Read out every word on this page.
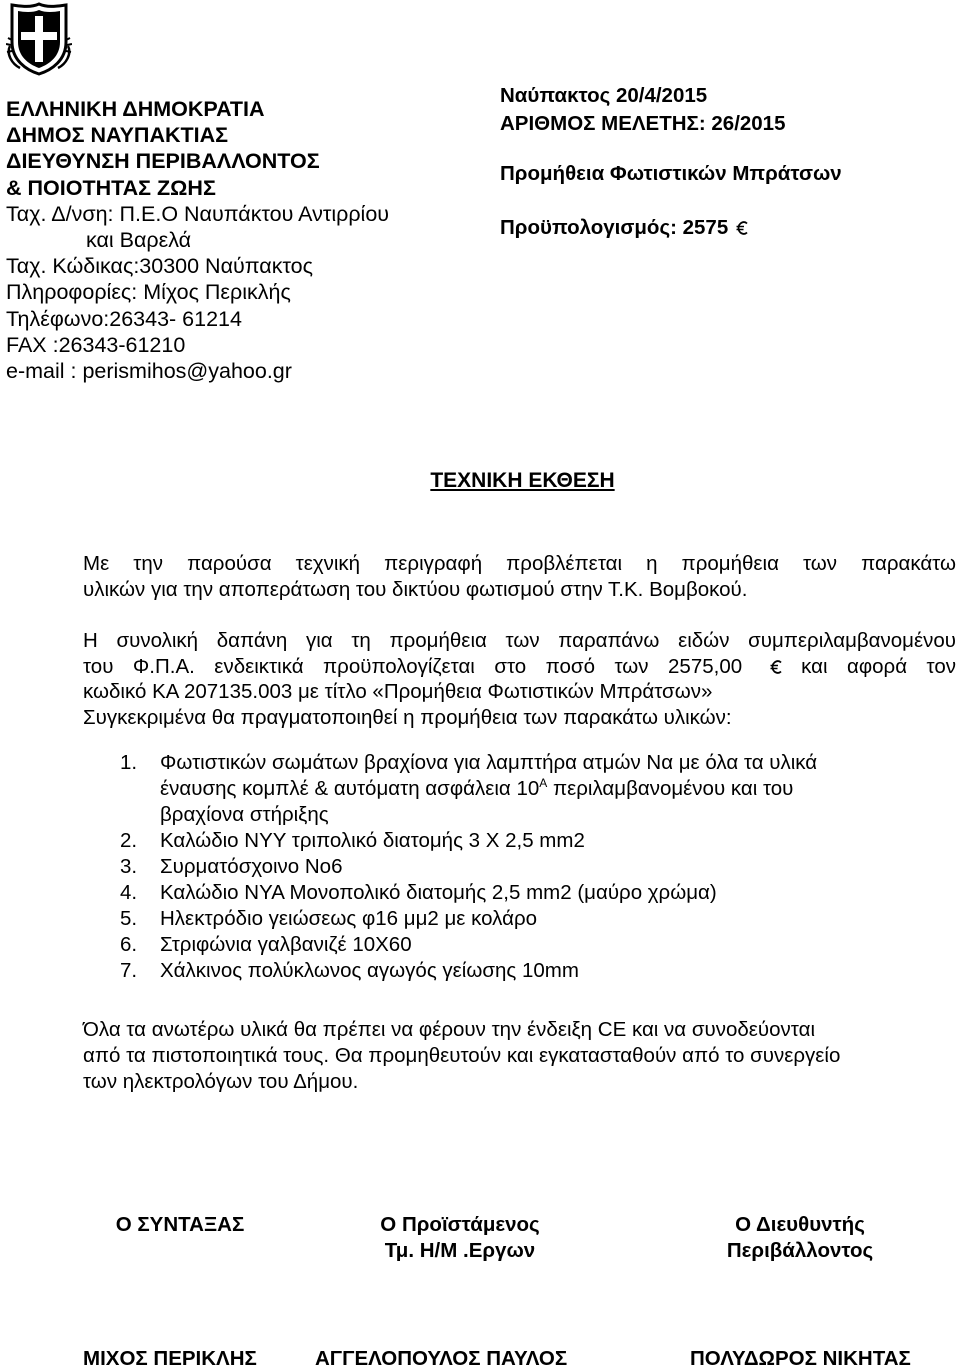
ΕΛΛΗΝΙΚΗ ΔΗΜΟΚΡΑΤΙΑ
ΔΗΜΟΣ ΝΑΥΠΑΚΤΙΑΣ
ΔΙΕΥΘΥΝΣΗ ΠΕΡΙΒΑΛΛΟΝΤΟΣ
& ΠΟΙΟΤΗΤΑΣ ΖΩΗΣ
Ταχ. Δ/νση: Π.Ε.Ο Ναυπάκτου Αντιρρίου
και Βαρελά
Ταχ. Κώδικας:30300 Ναύπακτος
Πληροφορίες: Μίχος Περικλής
Τηλέφωνο:26343- 61214
FAX :26343-61210
e-mail : perismihos@yahoo.gr
Ναύπακτος 20/4/2015
ΑΡΙΘΜΟΣ ΜΕΛΕΤΗΣ: 26/2015
Προμήθεια Φωτιστικών Μπράτσων
Προϋπολογισμός: 2575
ΤΕΧΝΙΚΗ ΕΚΘΕΣΗ
Με την παρούσα τεχνική περιγραφή προβλέπεται η προμήθεια των παρακάτω
υλικών για την αποπεράτωση του δικτύου φωτισμού στην Τ.Κ. Βομβοκού.
Η συνολική δαπάνη για τη προμήθεια των παραπάνω ειδών συμπεριλαμβανομένου
του Φ.Π.Α. ενδεικτικά προϋπολογίζεται στο ποσό των 2575,00	και αφορά τον
κωδικό ΚΑ 207135.003 με τίτλο «Προμήθεια Φωτιστικών Μπράτσων»
Συγκεκριμένα θα πραγματοποιηθεί η προμήθεια των παρακάτω υλικών:
1.	Φωτιστικών σωμάτων βραχίονα για λαμπτήρα ατμών Να με όλα τα υλικά
έναυσης κομπλέ & αυτόματη ασφάλεια $10^A$ περιλαμβανομένου και του
βραχίονα στήριξης
2.	Καλώδιο NYY τριπολικό διατομής 3 Χ 2,5 mm2
3.	Συρματόσχοινο Νο6
4.	Καλώδιο NYA Μονοπολικό διατομής 2,5 mm2 (μαύρο χρώμα)
5.	Ηλεκτρόδιο γειώσεως φ16 μμ2 με κολάρο
6.	Στριφώνια γαλβανιζέ 10Χ60
7.	Χάλκινος πολύκλωνος αγωγός γείωσης 10mm
Όλα τα ανωτέρω υλικά θα πρέπει να φέρουν την ένδειξη CE και να συνοδεύονται
από τα πιστοποιητικά τους. Θα προμηθευτούν και εγκατασταθούν από το συνεργείο
των ηλεκτρολόγων του Δήμου.
Ο ΣΥΝΤΑΞΑΣ	Ο Προϊστάμενος
Τμ. Η/Μ .Εργων
Ο Διευθυντής
Περιβάλλοντος
ΜΙΧΟΣ ΠΕΡΙΚΛΗΣ	ΑΓΓΕΛΟΠΟΥΛΟΣ ΠΑΥΛΟΣ	ΠΟΛΥΔΩΡΟΣ ΝΙΚΗΤΑΣ
